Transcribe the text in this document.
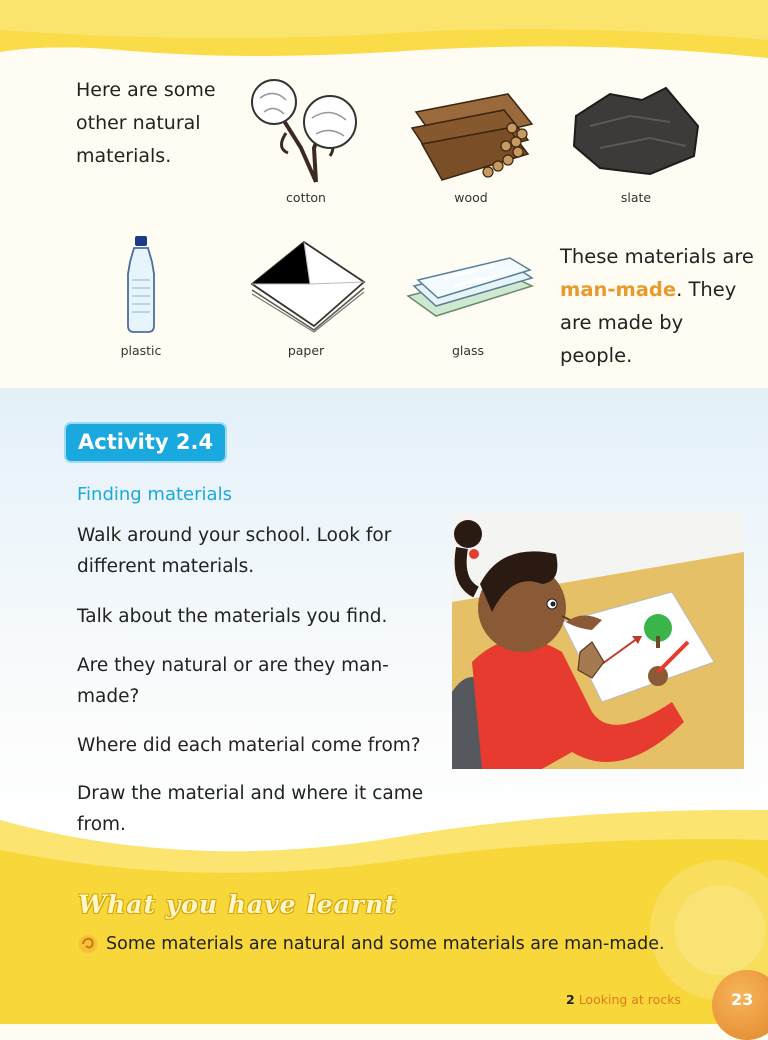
Here are some other natural materials.
cotton	wood	slate
plastic	paper	glass
These materials are man-made. They are made by people.
Activity 2.4
Finding materials
Walk around your school. Look for different materials.
Talk about the materials you find.
Are they natural or are they man-made?
Where did each material come from?
Draw the material and where it came from.
What you have learnt
Some materials are natural and some materials are man-made.
2 Looking at rocks	23
